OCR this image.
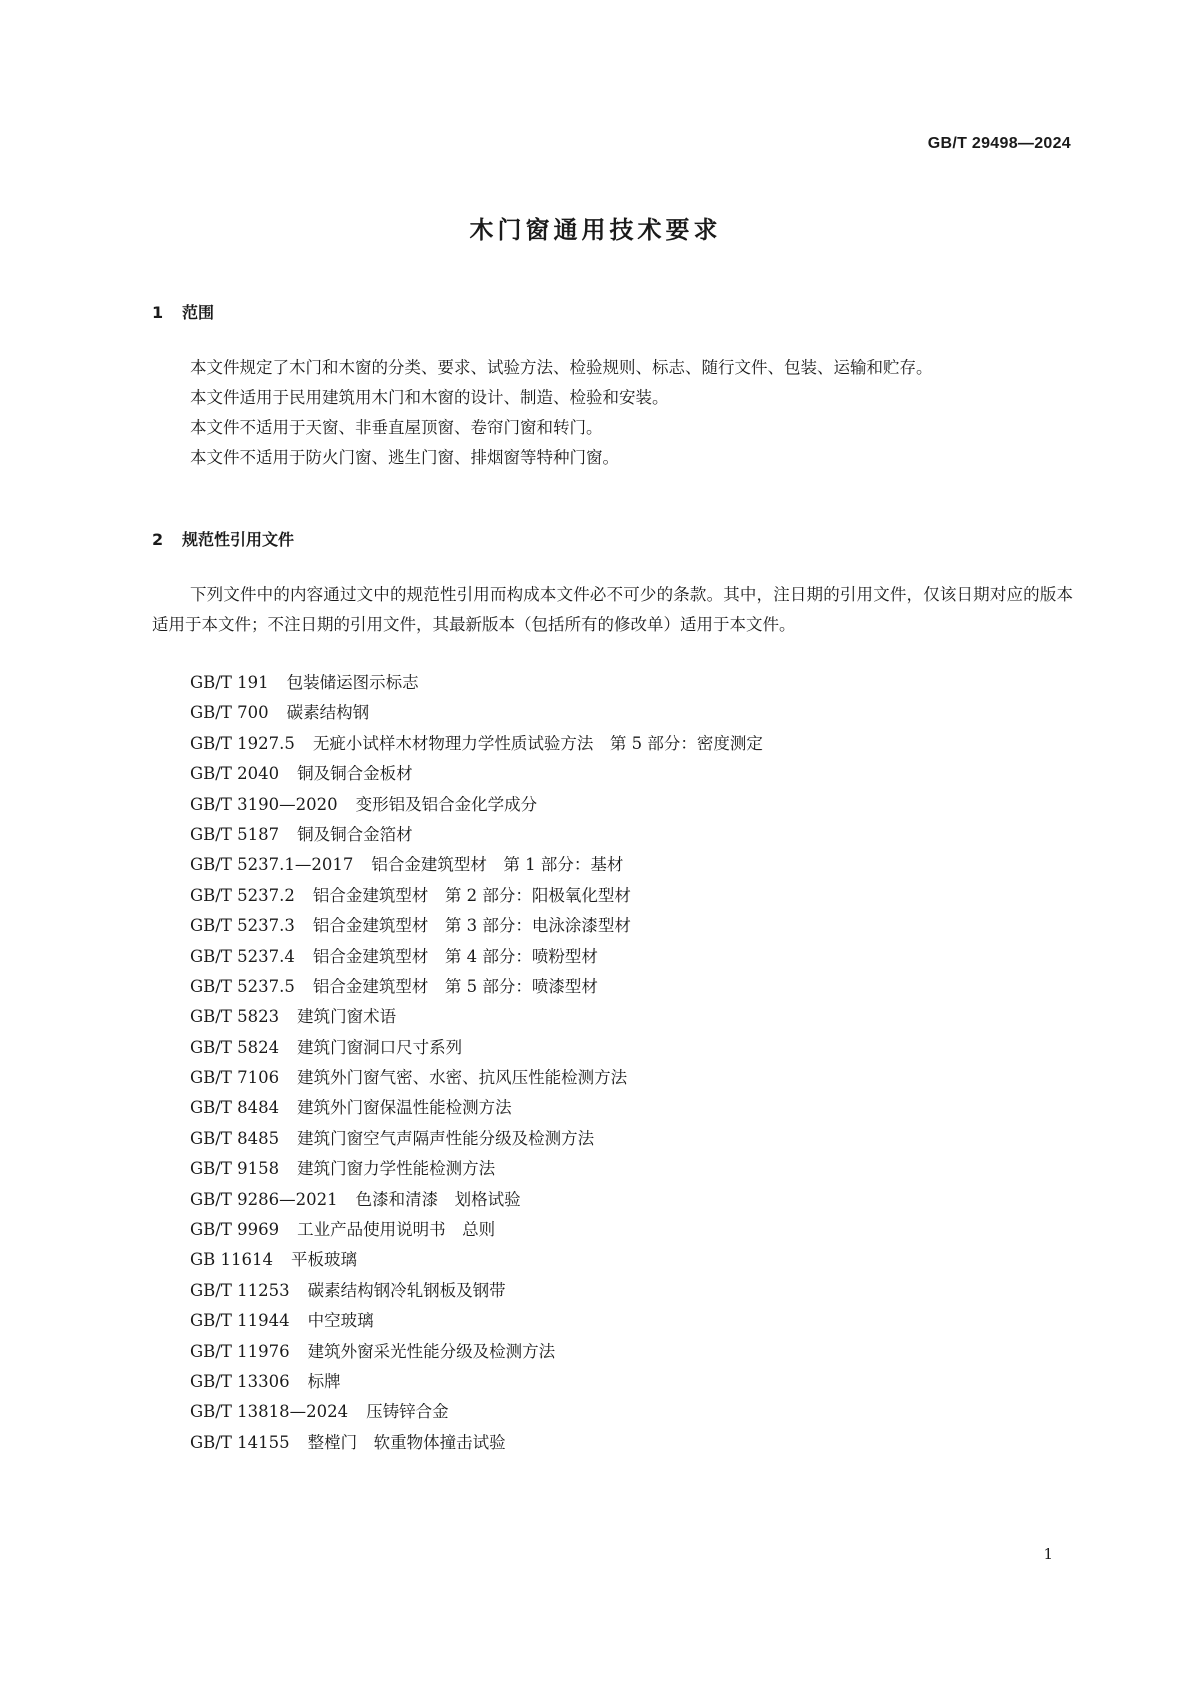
GB/T 29498—2024
木门窗通用技术要求
1 范围

本文件规定了木门和木窗的分类、要求、试验方法、检验规则、标志、随行文件、包装、运输和贮存。

本文件适用于民用建筑用木门和木窗的设计、制造、检验和安装。

本文件不适用于天窗、非垂直屋顶窗、卷帘门窗和转门。

本文件不适用于防火门窗、逃生门窗、排烟窗等特种门窗。

2 规范性引用文件

下列文件中的内容通过文中的规范性引用而构成本文件必不可少的条款。其中，注日期的引用文件，仅该日期对应的版本适用于本文件；不注日期的引用文件，其最新版本（包括所有的修改单）适用于本文件。

GB/T 191 包装储运图示标志
GB/T 700 碳素结构钢
GB/T 1927.5 无疵小试样木材物理力学性质试验方法　第 5 部分：密度测定
GB/T 2040 铜及铜合金板材
GB/T 3190—2020 变形铝及铝合金化学成分
GB/T 5187 铜及铜合金箔材
GB/T 5237.1—2017 铝合金建筑型材　第 1 部分：基材
GB/T 5237.2 铝合金建筑型材　第 2 部分：阳极氧化型材
GB/T 5237.3 铝合金建筑型材　第 3 部分：电泳涂漆型材
GB/T 5237.4 铝合金建筑型材　第 4 部分：喷粉型材
GB/T 5237.5 铝合金建筑型材　第 5 部分：喷漆型材
GB/T 5823 建筑门窗术语
GB/T 5824 建筑门窗洞口尺寸系列
GB/T 7106 建筑外门窗气密、水密、抗风压性能检测方法
GB/T 8484 建筑外门窗保温性能检测方法
GB/T 8485 建筑门窗空气声隔声性能分级及检测方法
GB/T 9158 建筑门窗力学性能检测方法
GB/T 9286—2021 色漆和清漆　划格试验
GB/T 9969 工业产品使用说明书　总则
GB 11614 平板玻璃
GB/T 11253 碳素结构钢冷轧钢板及钢带
GB/T 11944 中空玻璃
GB/T 11976 建筑外窗采光性能分级及检测方法
GB/T 13306 标牌
GB/T 13818—2024 压铸锌合金
GB/T 14155 整樘门　软重物体撞击试验
1
